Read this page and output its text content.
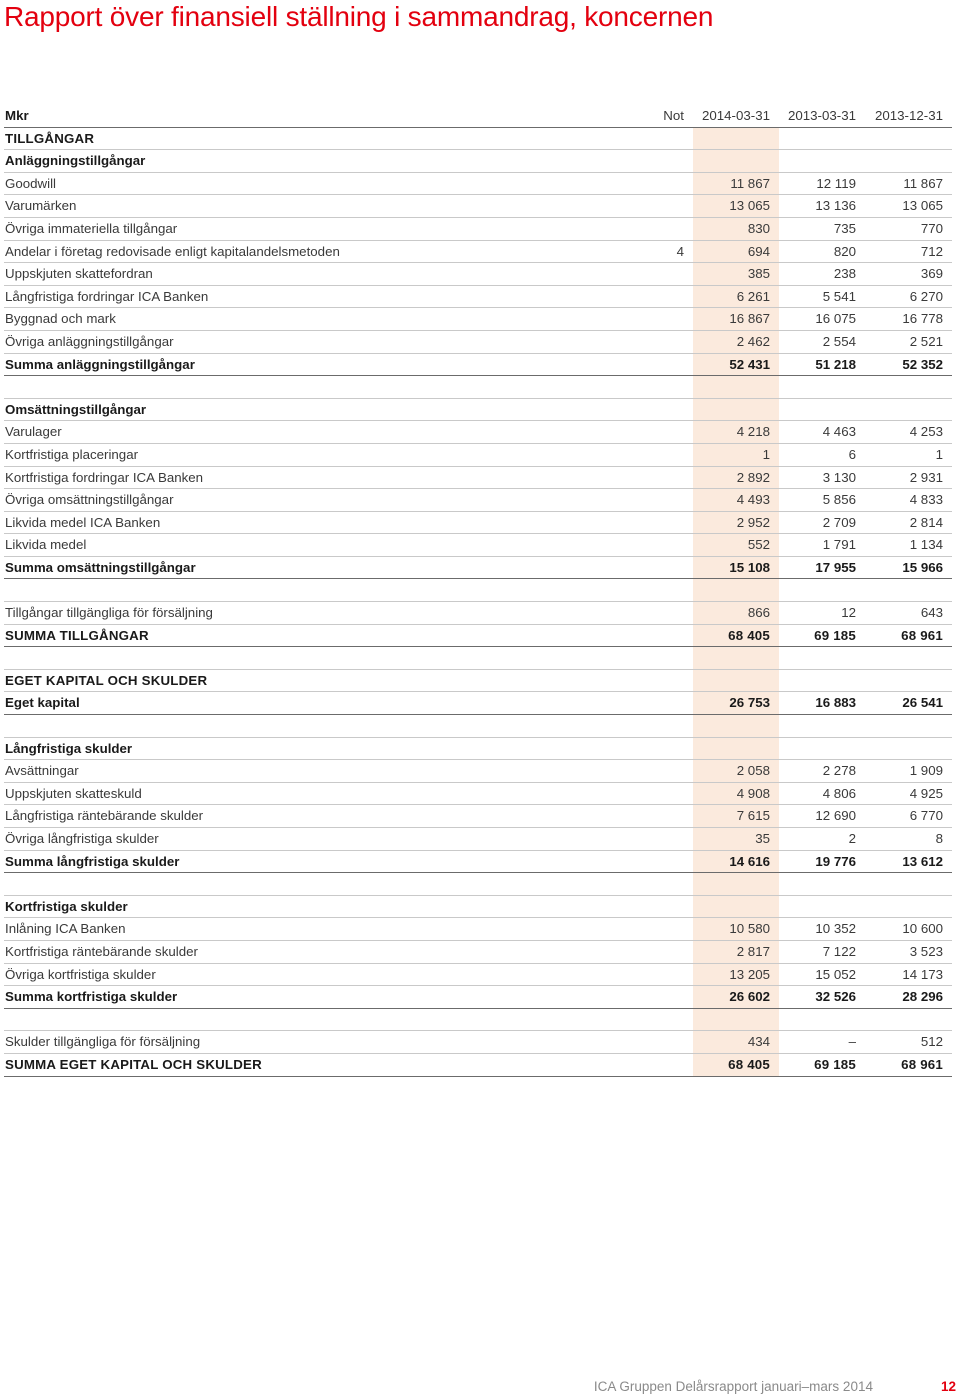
Rapport över finansiell ställning i sammandrag, koncernen
Mkr	Not 2014-03-31 2013-03-31 2013-12-31
TILLGÅNGAR
Anläggningstillgångar
Goodwill	11 867	12 119	11 867
Varumärken	13 065	13 136	13 065
Övriga immateriella tillgångar	830	735	770
Andelar i företag redovisade enligt kapitalandelsmetoden	4	694	820	712
Uppskjuten skattefordran	385	238	369
Långfristiga fordringar ICA Banken	6 261	5 541	6 270
Byggnad och mark	16 867	16 075	16 778
Övriga anläggningstillgångar	2 462	2 554	2 521
Summa anläggningstillgångar	52 431	51 218	52 352
Omsättningstillgångar
Varulager	4 218	4 463	4 253
Kortfristiga placeringar	1	6	1
Kortfristiga fordringar ICA Banken	2 892	3 130	2 931
Övriga omsättningstillgångar	4 493	5 856	4 833
Likvida medel ICA Banken	2 952	2 709	2 814
Likvida medel	552	1 791	1 134
Summa omsättningstillgångar	15 108	17 955	15 966
Tillgångar tillgängliga för försäljning	866	12	643
SUMMA TILLGÅNGAR	68 405	69 185	68 961
EGET KAPITAL OCH SKULDER
Eget kapital	26 753	16 883	26 541
Långfristiga skulder
Avsättningar	2 058	2 278	1 909
Uppskjuten skatteskuld	4 908	4 806	4 925
Långfristiga räntebärande skulder	7 615	12 690	6 770
Övriga långfristiga skulder	35	2	8
Summa långfristiga skulder	14 616	19 776	13 612
Kortfristiga skulder
Inlåning ICA Banken	10 580	10 352	10 600
Kortfristiga räntebärande skulder	2 817	7 122	3 523
Övriga kortfristiga skulder	13 205	15 052	14 173
Summa kortfristiga skulder	26 602	32 526	28 296
Skulder tillgängliga för försäljning	434	–	512
SUMMA EGET KAPITAL OCH SKULDER	68 405	69 185	68 961
ICA Gruppen Delårsrapport januari–mars 2014	12
